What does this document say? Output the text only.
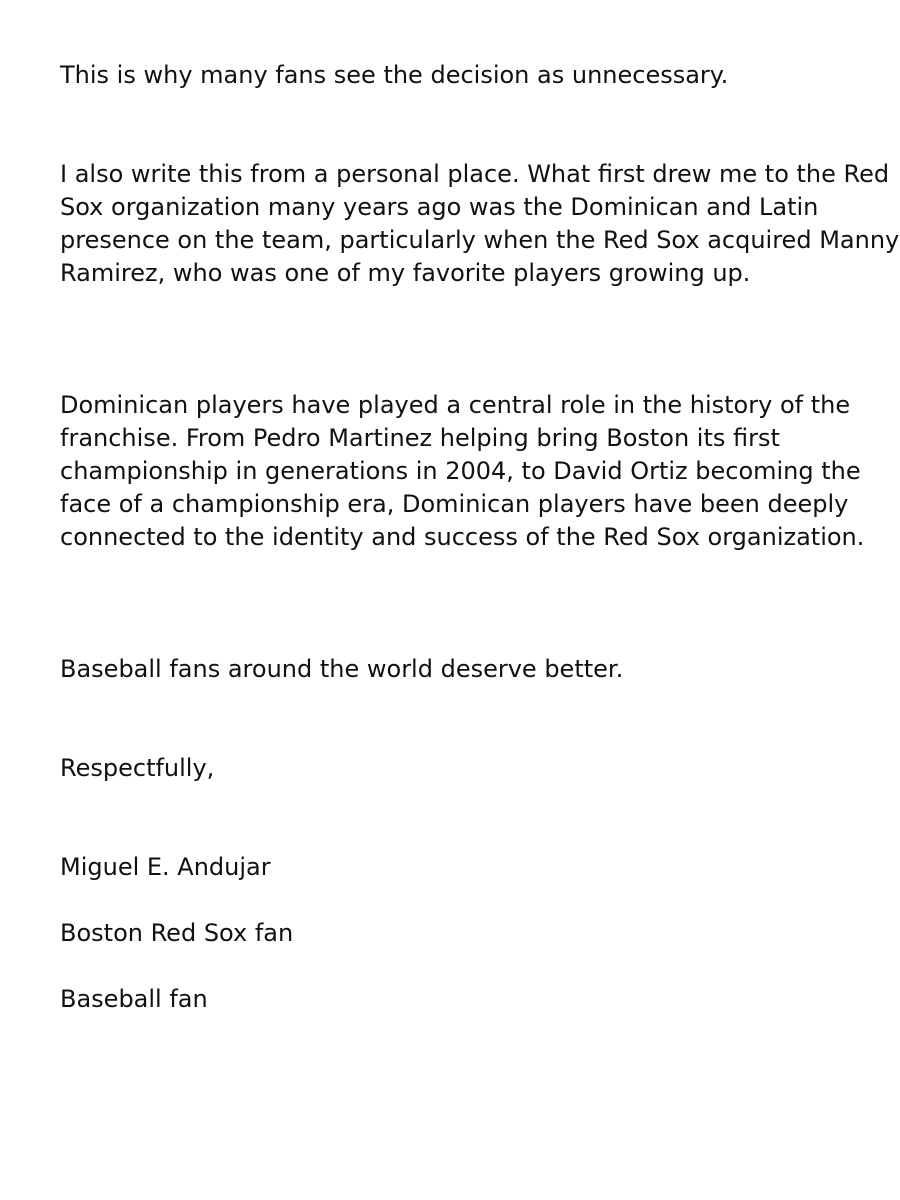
This is why many fans see the decision as unnecessary.

I also write this from a personal place. What first drew me to the Red Sox organization many years ago was the Dominican and Latin presence on the team, particularly when the Red Sox acquired Manny Ramirez, who was one of my favorite players growing up.

Dominican players have played a central role in the history of the franchise. From Pedro Martinez helping bring Boston its first championship in generations in 2004, to David Ortiz becoming the face of a championship era, Dominican players have been deeply connected to the identity and success of the Red Sox organization.

Baseball fans around the world deserve better.

Respectfully,

Miguel E. Andujar

Boston Red Sox fan

Baseball fan
